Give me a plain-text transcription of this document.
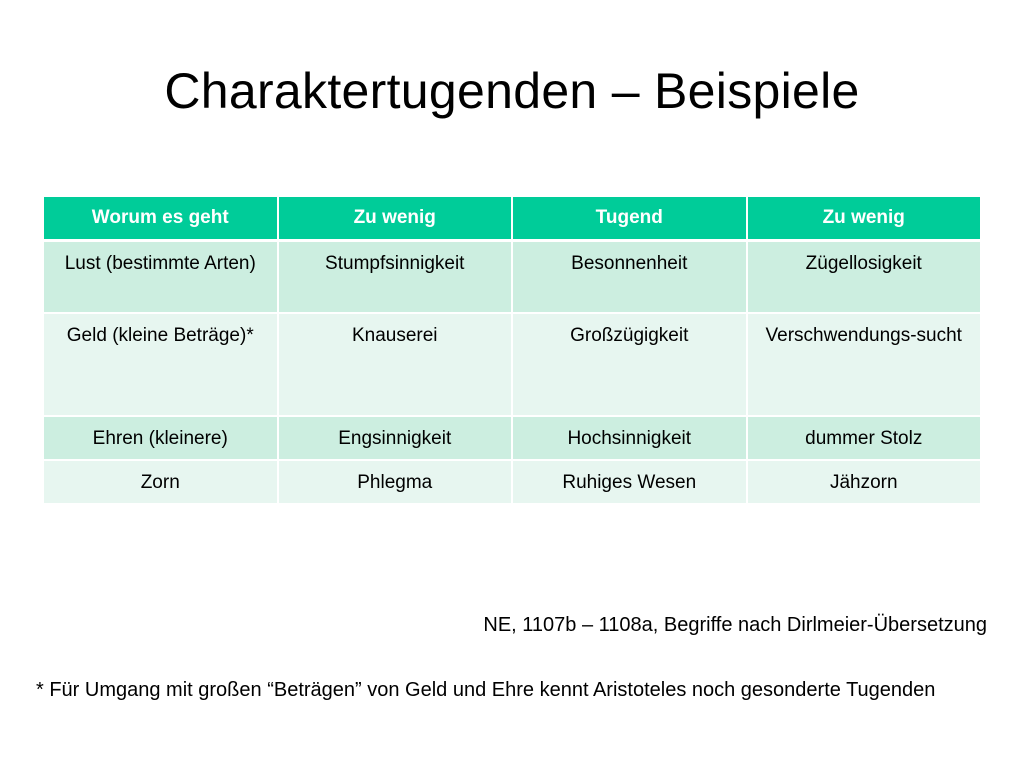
Charaktertugenden – Beispiele
Worum es geht	Zu wenig	Tugend	Zu wenig
Lust (bestimmte Arten)	Stumpfsinnigkeit	Besonnenheit	Zügellosigkeit
Geld (kleine Beträge)*	Knauserei	Großzügigkeit	Verschwendungs-sucht
Ehren (kleinere)	Engsinnigkeit	Hochsinnigkeit	dummer Stolz
Zorn	Phlegma	Ruhiges Wesen	Jähzorn
NE, 1107b – 1108a, Begriffe nach Dirlmeier-Übersetzung
* Für Umgang mit großen “Beträgen” von Geld und Ehre kennt Aristoteles noch gesonderte Tugenden
